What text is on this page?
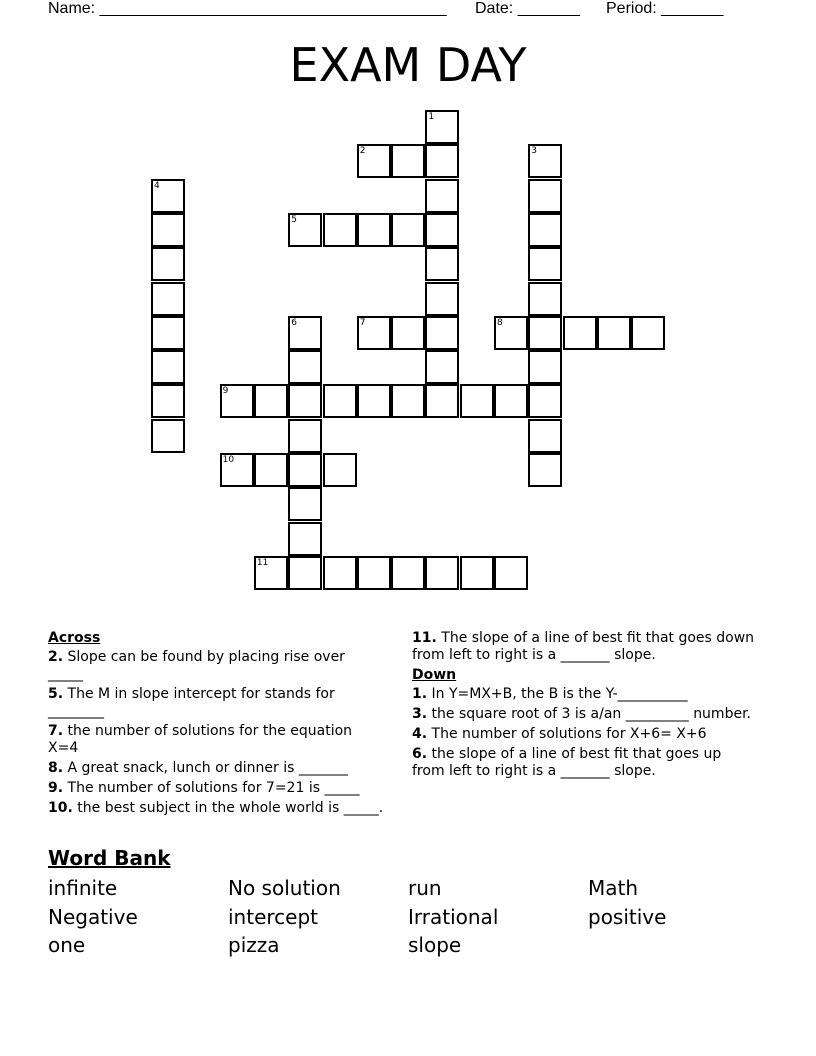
Name: _______________________________________ Date: _______ Period: _______
EXAM DAY
1
2	3
4
5
6	7	8
9
10
11
Across
2. Slope can be found by placing rise over _____
5. The M in slope intercept for stands for ________
7. the number of solutions for the equation X=4
8. A great snack, lunch or dinner is _______
9. The number of solutions for 7=21 is _____
10. the best subject in the whole world is _____.
11. The slope of a line of best fit that goes down from left to right is a _______ slope.
Down
1. In Y=MX+B, the B is the Y-__________
3. the square root of 3 is a/an _________ number.
4. The number of solutions for X+6= X+6
6. the slope of a line of best fit that goes up from left to right is a _______ slope.
Word Bank
infinite	No solution	run	Math
Negative	intercept	Irrational	positive
one	pizza	slope
